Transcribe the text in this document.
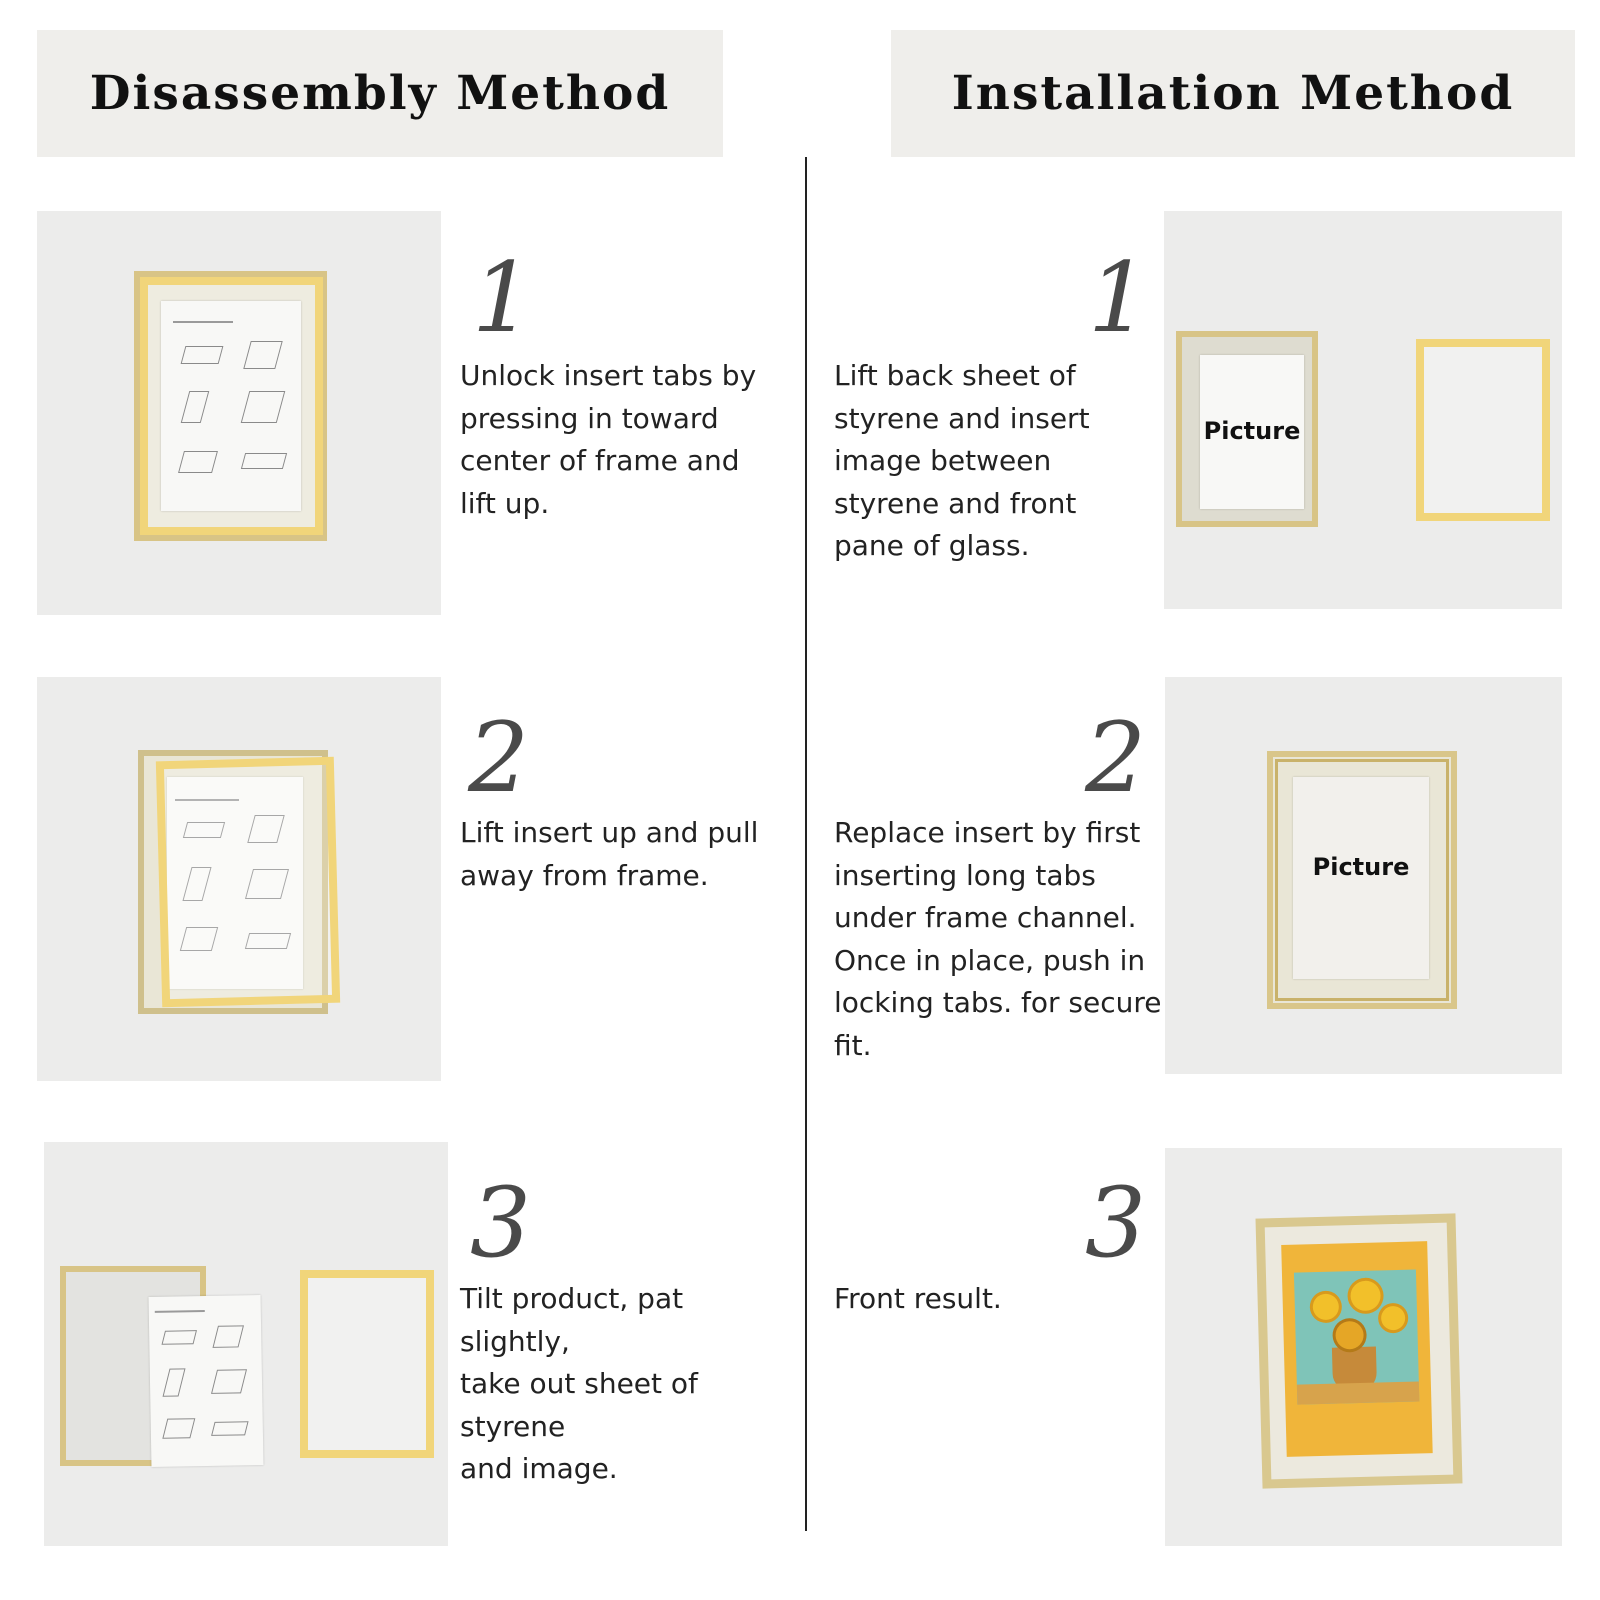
Disassembly Method	Installation Method
1
Unlock insert tabs by
pressing in toward
center of frame and
lift up.
2
Lift insert up and pull
away from frame.
3
Tilt product, pat slightly,
take out sheet of styrene
and image.
1
Lift back sheet of
styrene and insert
image between
styrene and front
pane of glass.
Picture
2
Replace insert by first
inserting long tabs
under frame channel.
Once in place, push in
locking tabs. for secure
fit.
Picture
3
Front result.
